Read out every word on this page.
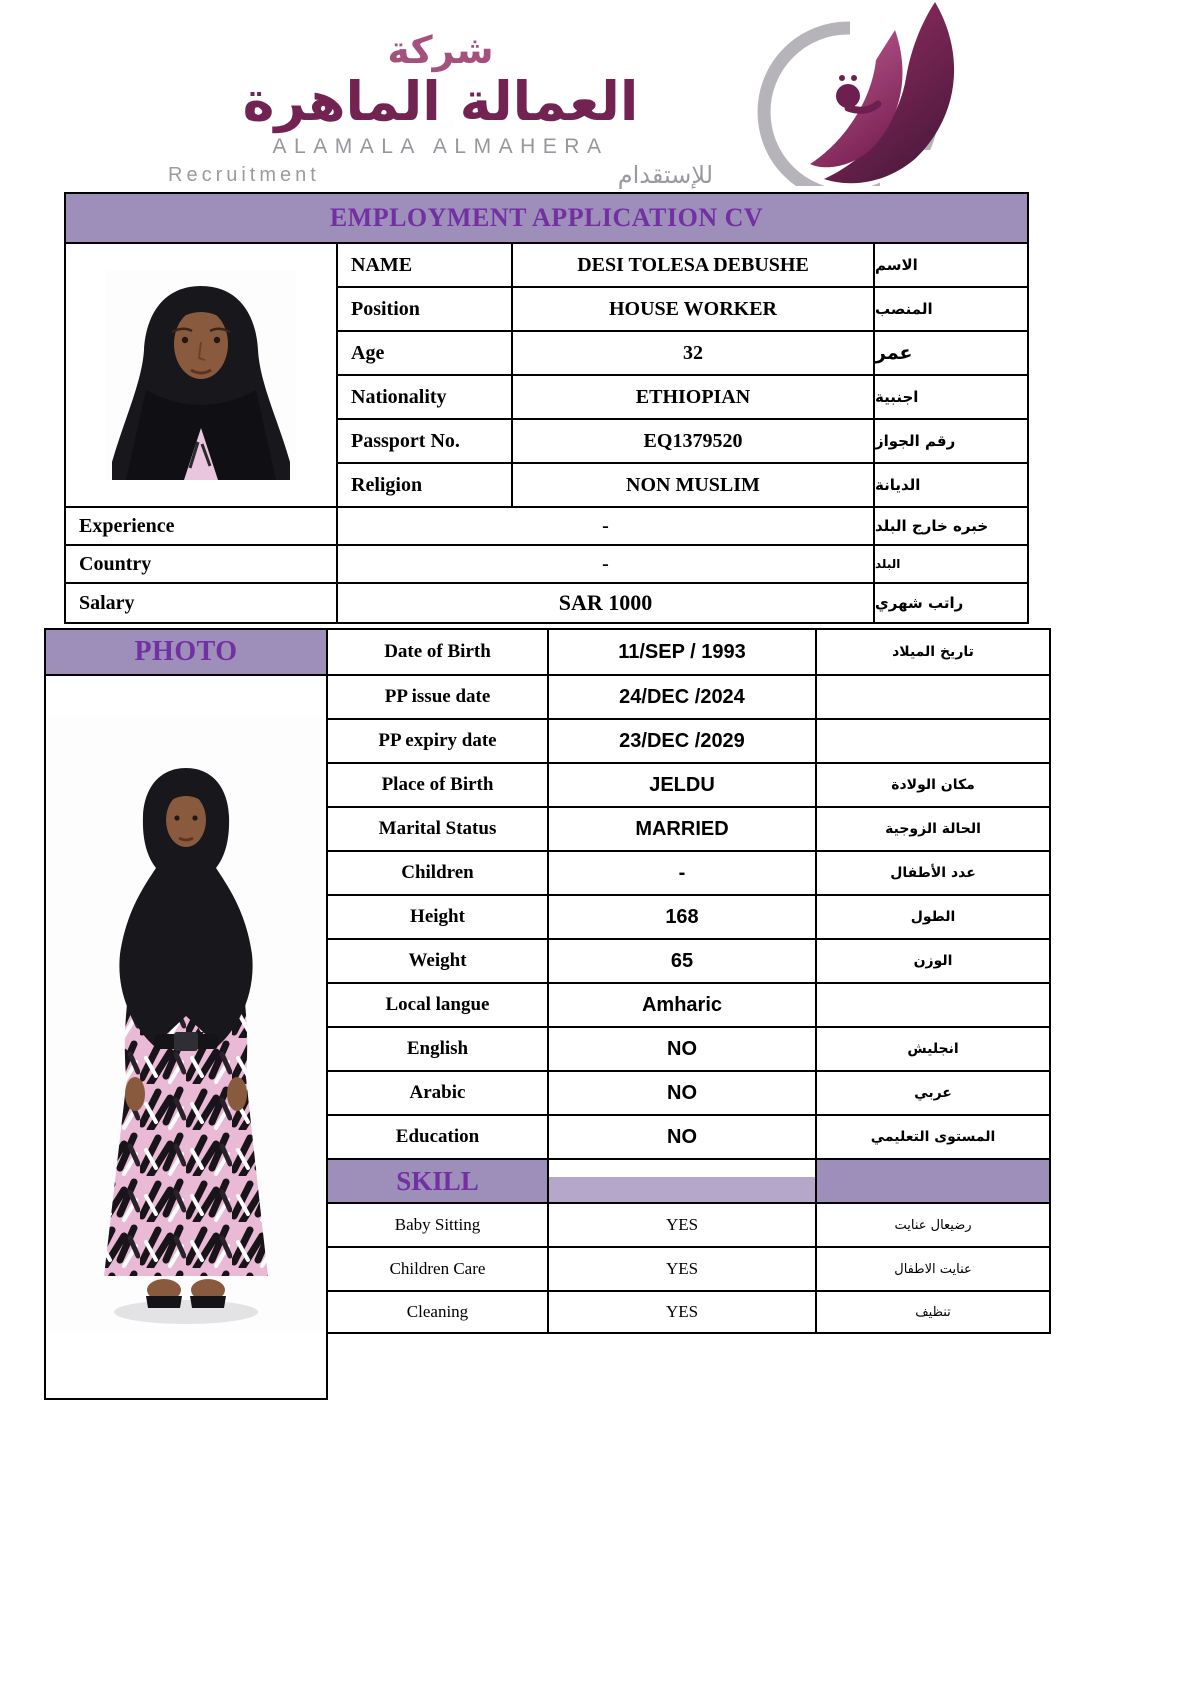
شركة
العمالة الماهرة
ALAMALA ALMAHERA
Recruitment	للإستقدام
EMPLOYMENT APPLICATION CV
NAME	DESI TOLESA DEBUSHE	الاسم
Position	HOUSE WORKER	المنصب
Age	32	عمر
Nationality	ETHIOPIAN	اجنبية
Passport No.	EQ1379520	رقم الجواز
Religion	NON MUSLIM	الديانة
Experience	-	خبره خارج البلد
Country	-	البلد
Salary	SAR 1000	راتب شهري
PHOTO	Date of Birth	11/SEP / 1993	تاريخ الميلاد
PP issue date	24/DEC /2024
PP expiry date	23/DEC /2029
Place of Birth	JELDU	مكان الولادة
Marital Status	MARRIED	الحالة الزوجية
Children	-	عدد الأطفال
Height	168	الطول
Weight	65	الوزن
Local langue	Amharic
English	NO	انجليش
Arabic	NO	عربي
Education	NO	المستوى التعليمي
SKILL
Baby Sitting	YES	رضيعال عنايت
Children Care	YES	عنايت الاطفال
Cleaning	YES	تنظيف
